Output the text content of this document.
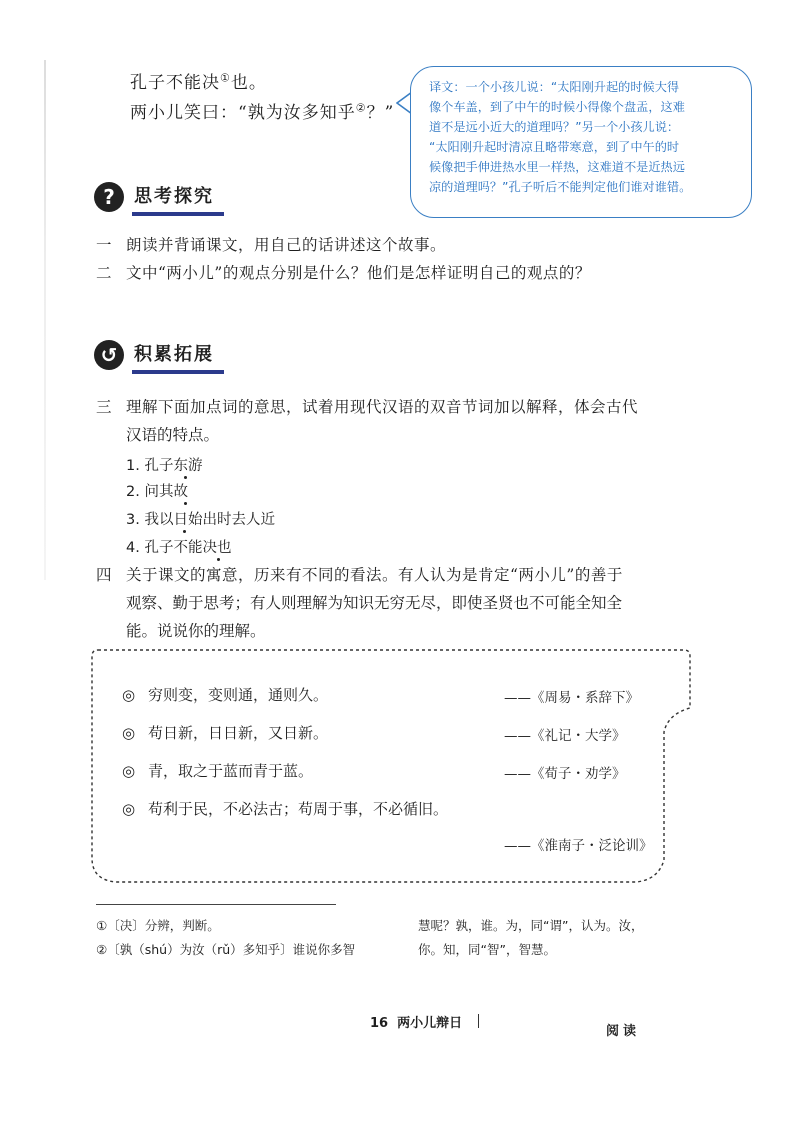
孔子不能决①也。
两小儿笑曰：“孰为汝多知乎②？”
译文：一个小孩儿说：“太阳刚升起的时候大得
像个车盖，到了中午的时候小得像个盘盂，这难
道不是远小近大的道理吗？”另一个小孩儿说：
“太阳刚升起时清凉且略带寒意，到了中午的时
候像把手伸进热水里一样热，这难道不是近热远
凉的道理吗？”孔子听后不能判定他们谁对谁错。
?	思考探究
一 朗读并背诵课文，用自己的话讲述这个故事。
二 文中“两小儿”的观点分别是什么？他们是怎样证明自己的观点的？
↺ 积累拓展
三 理解下面加点词的意思，试着用现代汉语的双音节词加以解释，体会古代
汉语的特点。
1. 孔子东游
2. 问其故
3. 我以日始出时去人近
4. 孔子不能决也
四 关于课文的寓意，历来有不同的看法。有人认为是肯定“两小儿”的善于
观察、勤于思考；有人则理解为知识无穷无尽，即使圣贤也不可能全知全
能。说说你的理解。
◎ 穷则变，变则通，通则久。	——《周易・系辞下》
◎ 苟日新，日日新，又日新。	——《礼记・大学》
◎ 青，取之于蓝而青于蓝。	——《荀子・劝学》
◎ 苟利于民，不必法古；苟周于事，不必循旧。
——《淮南子・泛论训》
①〔决〕分辨，判断。
②〔孰（shú）为汝（rǔ）多知乎〕谁说你多智
慧呢？孰，谁。为，同“谓”，认为。汝，
你。知，同“智”，智慧。
16 两小儿辩日
阅读
